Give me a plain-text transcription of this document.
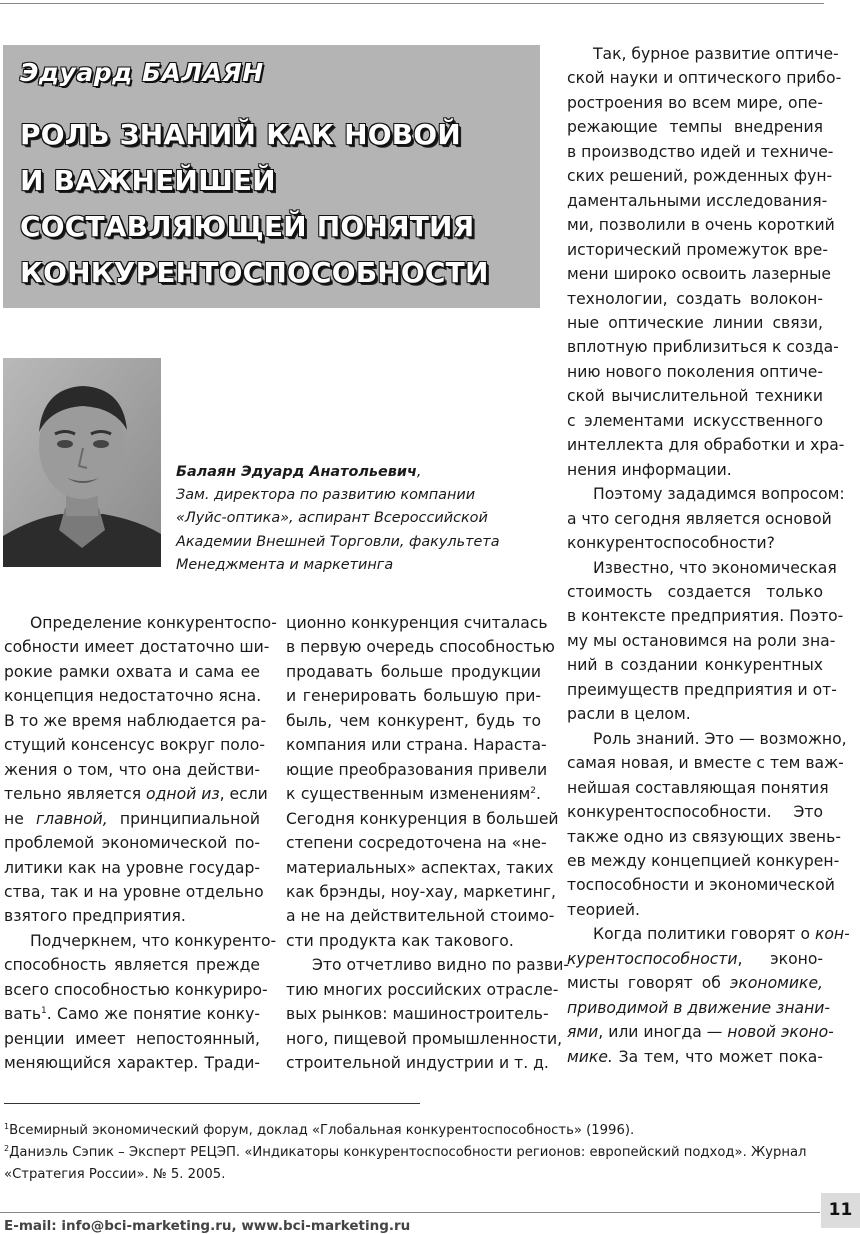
Эдуард БАЛАЯН
РОЛЬ ЗНАНИЙ КАК НОВОЙ
И ВАЖНЕЙШЕЙ
СОСТАВЛЯЮЩЕЙ ПОНЯТИЯ
КОНКУРЕНТОСПОСОБНОСТИ
Балаян Эдуард Анатольевич,
Зам. директора по развитию компании
«Луйс-оптика», аспирант Всероссийской
Академии Внешней Торговли, факультета
Менеджмента и маркетинга
Определение конкурентоспо-
собности имеет достаточно ши-
рокие рамки охвата и сама ее
концепция недостаточно ясна.
В то же время наблюдается ра-
стущий консенсус вокруг поло-
жения о том, что она действи-
тельно является одной из, если
не главной, принципиальной
проблемой экономической по-
литики как на уровне государ-
ства, так и на уровне отдельно
взятого предприятия.
Подчеркнем, что конкуренто-
способность является прежде
всего способностью конкуриро-
вать$^1$. Само же понятие конку-
ренции имеет непостоянный,
меняющийся характер. Тради-
ционно конкуренция считалась
в первую очередь способностью
продавать больше продукции
и генерировать большую при-
быль, чем конкурент, будь то
компания или страна. Нараста-
ющие преобразования привели
к существенным изменениям$^2$.
Сегодня конкуренция в большей
степени сосредоточена на «не-
материальных» аспектах, таких
как брэнды, ноу-хау, маркетинг,
а не на действительной стоимо-
сти продукта как такового.
Это отчетливо видно по разви-
тию многих российских отрасле-
вых рынков: машиностроитель-
ного, пищевой промышленности,
строительной индустрии и т. д.
Так, бурное развитие оптиче-
ской науки и оптического прибо-
ростроения во всем мире, опе-
режающие темпы внедрения
в производство идей и техниче-
ских решений, рожденных фун-
даментальными исследования-
ми, позволили в очень короткий
исторический промежуток вре-
мени широко освоить лазерные
технологии, создать волокон-
ные оптические линии связи,
вплотную приблизиться к созда-
нию нового поколения оптиче-
ской вычислительной техники
с элементами искусственного
интеллекта для обработки и хра-
нения информации.
Поэтому зададимся вопросом:
а что сегодня является основой
конкурентоспособности?
Известно, что экономическая
стоимость создается только
в контексте предприятия. Поэто-
му мы остановимся на роли зна-
ний в создании конкурентных
преимуществ предприятия и от-
расли в целом.
Роль знаний. Это — возможно,
самая новая, и вместе с тем важ-
нейшая составляющая понятия
конкурентоспособности. Это
также одно из связующих звень-
ев между концепцией конкурен-
тоспособности и экономической
теорией.
Когда политики говорят о кон-
курентоспособности, эконо-
мисты говорят об экономике,
приводимой в движение знани-
ями, или иногда — новой эконо-
мике. За тем, что может пока-
$^1$Всемирный экономический форум, доклад «Глобальная конкурентоспособность» (1996).
$^2$Даниэль Сэпик – Эксперт РЕЦЭП. «Индикаторы конкурентоспособности регионов: европейский подход». Журнал
«Стратегия России». № 5. 2005.
E-mail: info@bci-marketing.ru, www.bci-marketing.ru
11
